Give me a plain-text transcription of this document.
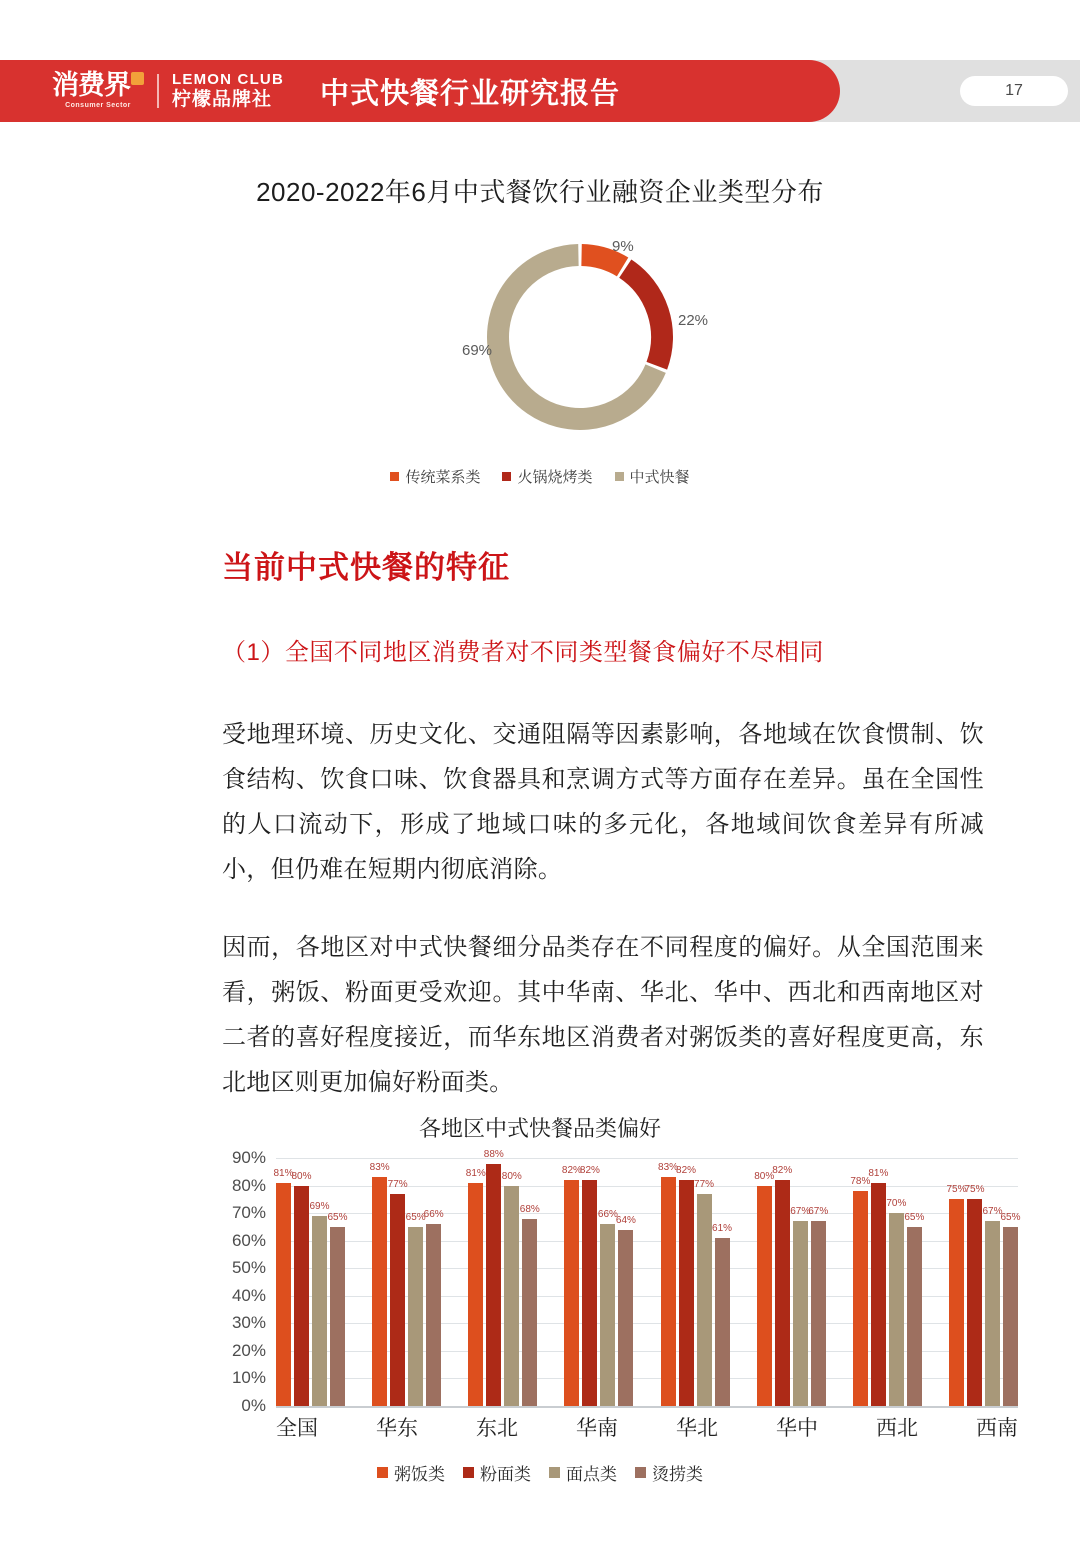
消费界
Consumer Sector
LEMON CLUB
柠檬品牌社	中式快餐行业研究报告	17
2020-2022年6月中式餐饮行业融资企业类型分布
9%
22%
69%
传统菜系类 火锅烧烤类 中式快餐
当前中式快餐的特征
（1）全国不同地区消费者对不同类型餐食偏好不尽相同
受地理环境、历史文化、交通阻隔等因素影响，各地域在饮食惯制、饮食结构、饮食口味、饮食器具和烹调方式等方面存在差异。虽在全国性的人口流动下，形成了地域口味的多元化，各地域间饮食差异有所减小，但仍难在短期内彻底消除。
因而，各地区对中式快餐细分品类存在不同程度的偏好。从全国范围来看，粥饭、粉面更受欢迎。其中华南、华北、华中、西北和西南地区对二者的喜好程度接近，而华东地区消费者对粥饭类的喜好程度更高，东北地区则更加偏好粉面类。
各地区中式快餐品类偏好
0%
10%
20%
30%
40%
50%
60%
70%
80%
90%
81%
80%
69%
65%
83%
77%
65%
66%
81%
88%
80%
68%
82%
82%
66%
64%
83%
82%
77%
61%
80%
82%
67%
67%
78%
81%
70%
65%
75%
75%
67%
65%
全国	华东	东北	华南	华北	华中	西北	西南
粥饭类 粉面类 面点类 烫捞类
